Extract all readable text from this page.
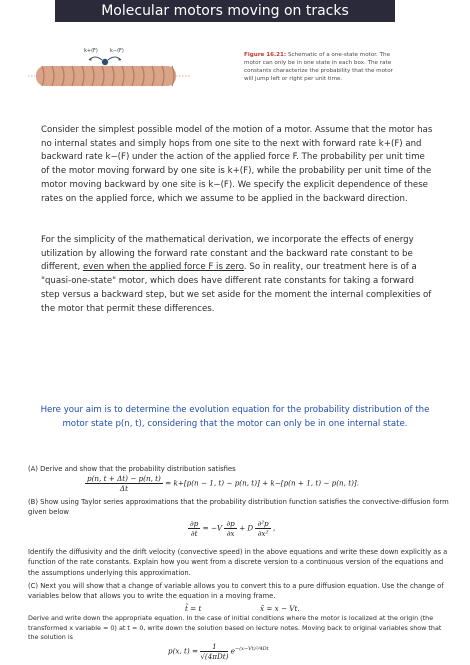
Molecular motors moving on tracks
k+(F) k−(F)
Figure 16.21: Schematic of a one-state motor. The motor can only be in one state in each box. The rate constants characterize the probability that the motor will jump left or right per unit time.
Consider the simplest possible model of the motion of a motor. Assume that the motor has no internal states and simply hops from one site to the next with forward rate k+(F) and backward rate k−(F) under the action of the applied force F. The probability per unit time of the motor moving forward by one site is k+(F), while the probability per unit time of the motor moving backward by one site is k−(F). We specify the explicit dependence of these rates on the applied force, which we assume to be applied in the backward direction.
For the simplicity of the mathematical derivation, we incorporate the effects of energy utilization by allowing the forward rate constant and the backward rate constant to be different, even when the applied force F is zero. So in reality, our treatment here is of a "quasi-one-state" motor, which does have different rate constants for taking a forward step versus a backward step, but we set aside for the moment the internal complexities of the motor that permit these differences.
Here your aim is to determine the evolution equation for the probability distribution of the motor state p(n, t), considering that the motor can only be in one internal state.
(A) Derive and show that the probability distribution satisfies
$\frac{p(n, t + \Delta t) - p(n, t)}{\Delta t} = k+[p(n - 1$, t) − p(n, t)] + k−[p(n + 1, t) − p(n, t)].
(B) Show using Taylor series approximations that the probability distribution function satisfies the convective-diffusion form given below
$\frac{\partial p}{\partial t} = -V \frac{\partial p}{\partial x} + D \frac{\text{∂²p}}{\text{∂x²}}$ ,
Identify the diffusivity and the drift velocity (convective speed) in the above equations and write these down explicitly as a function of the rate constants. Explain how you went from a discrete version to a continuous version of the equations and the assumptions underlying this approximation.
(C) Next you will show that a change of variable allows you to convert this to a pure diffusion equation. Use the change of variables below that allows you to write the equation in a moving frame.
t̃ = t	x̃ = x − Vt.
Derive and write down the appropriate equation. In the case of initial conditions where the motor is localized at the origin (the transformed x variable = 0) at t = 0, write down the solution based on lecture notes. Moving back to original variables show that the solution is
p(x, $t) = \frac{1}{\text{√(4πDt)}} e^{-(x-Vt)^2/4Dt}$
